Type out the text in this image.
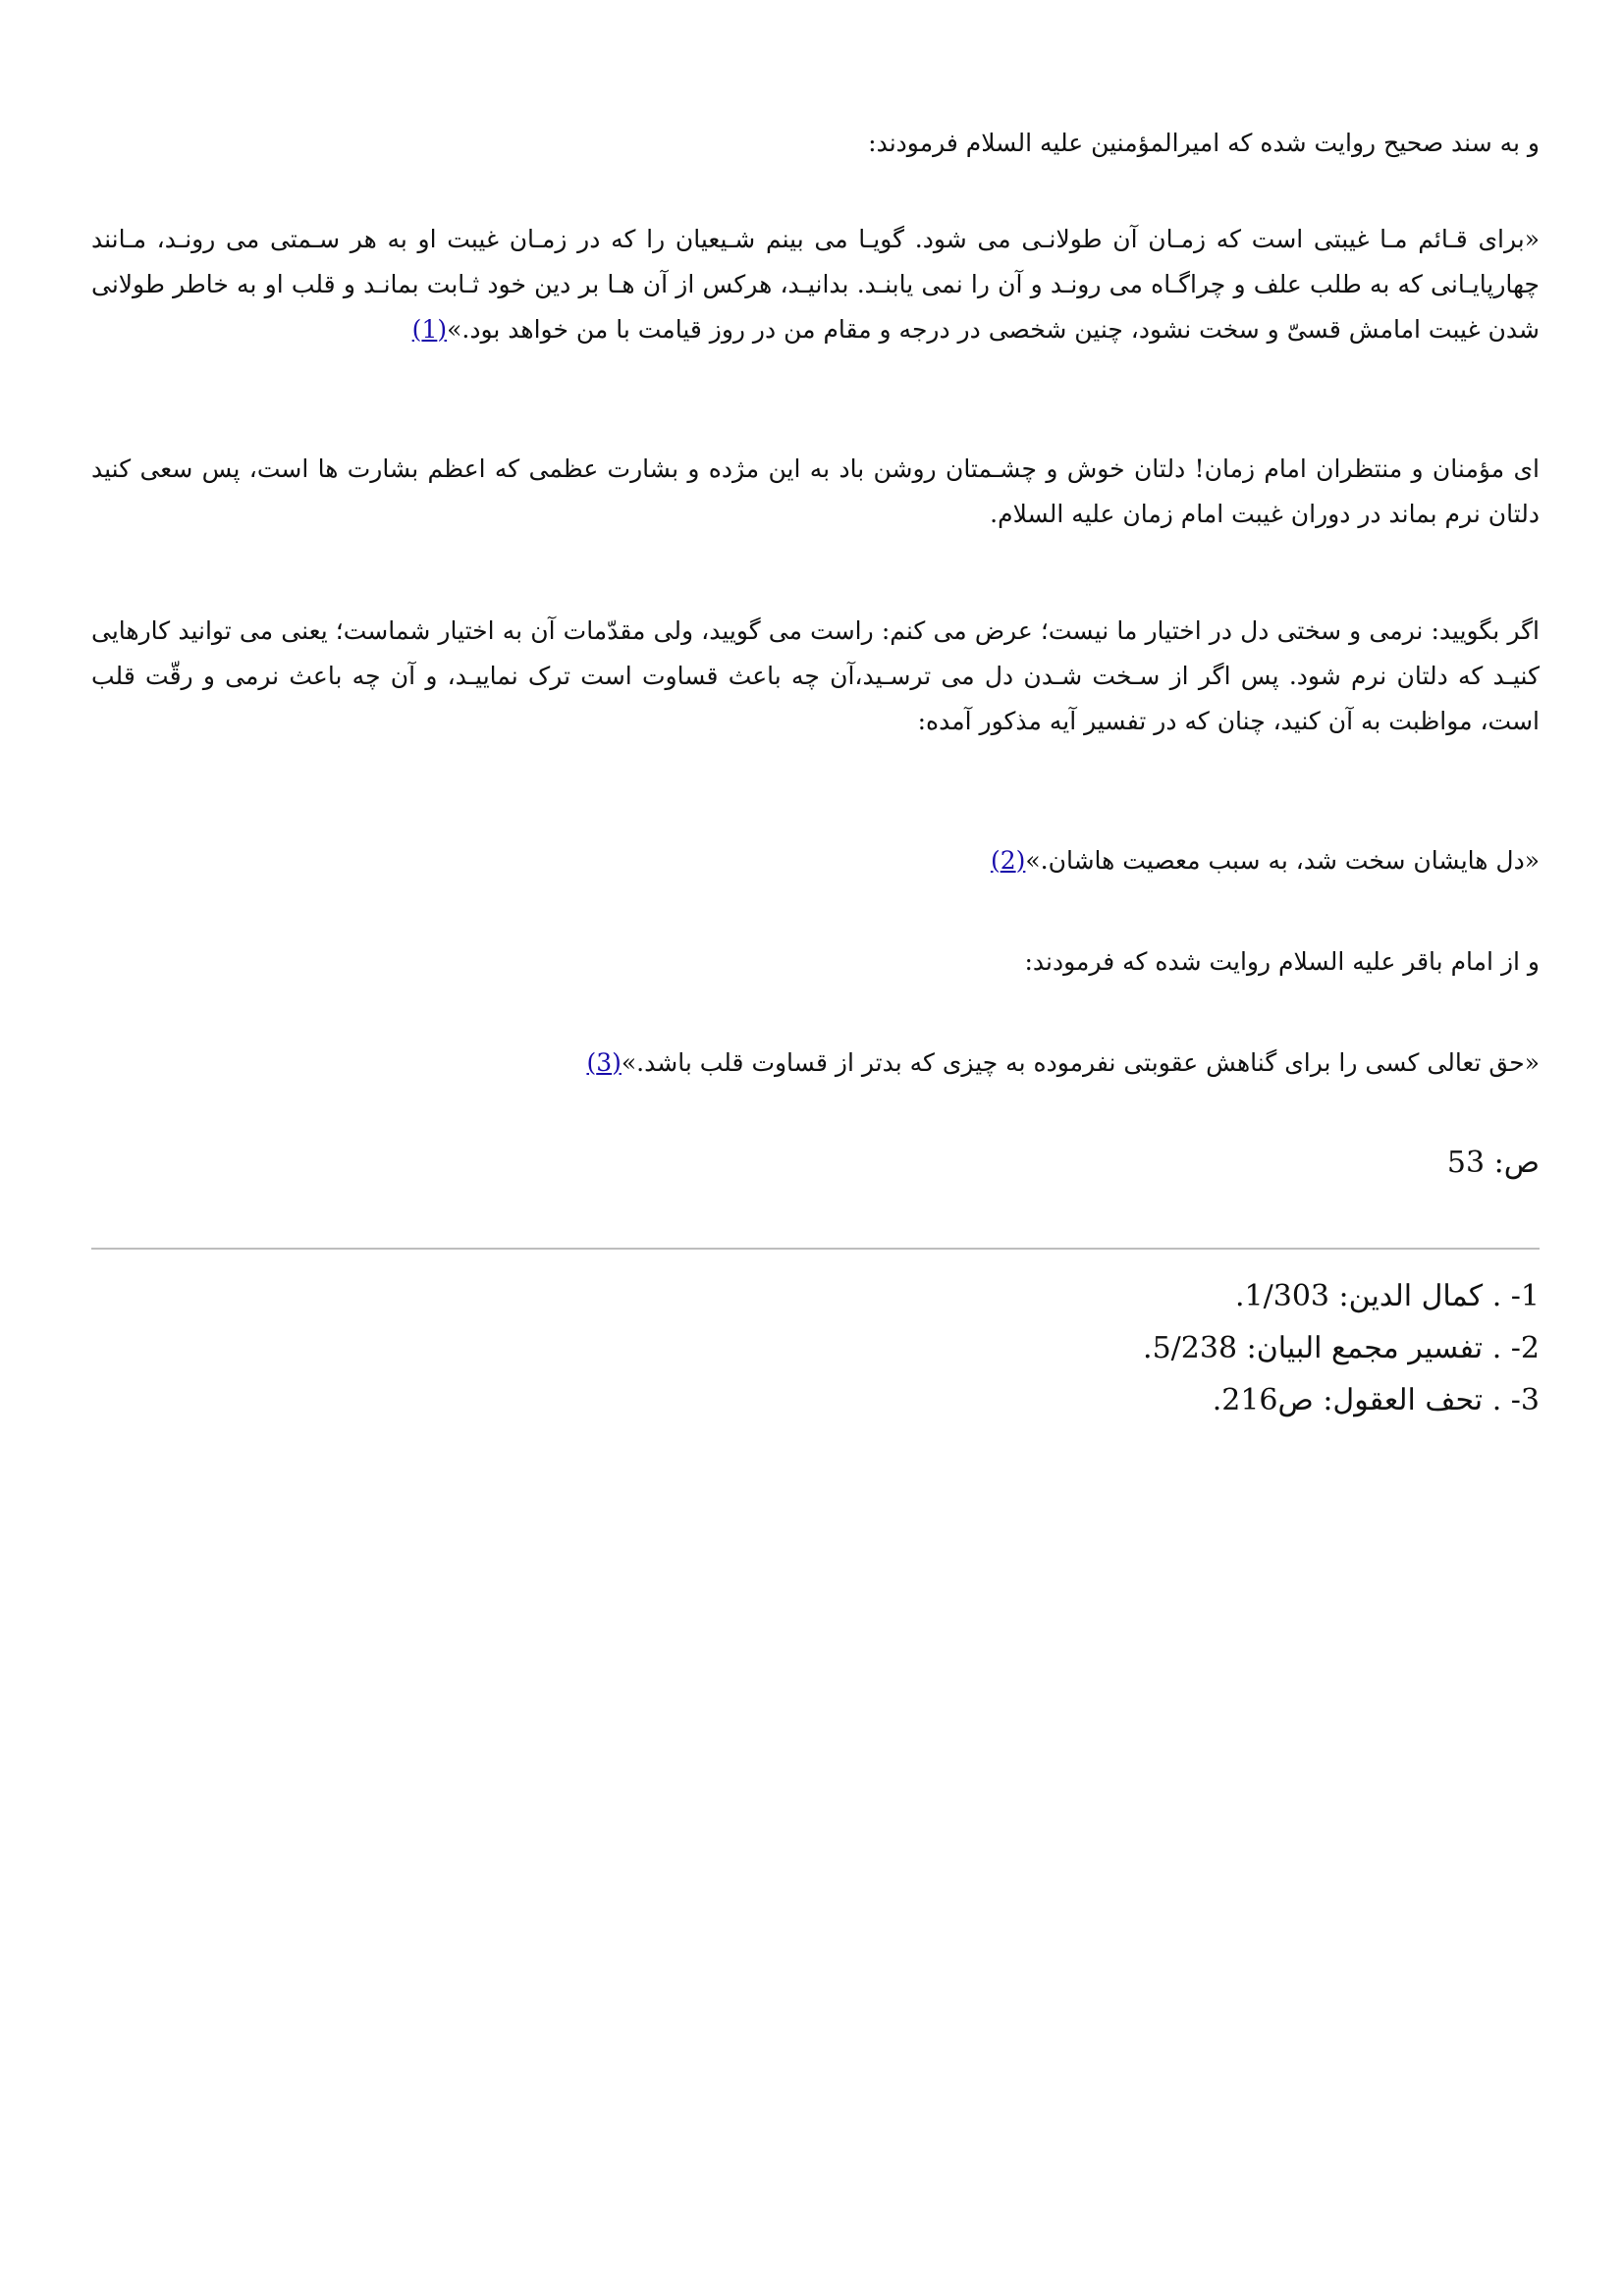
و به سند صحیح روایت شده که امیرالمؤمنین علیه السلام فرمودند:

«برای قـائم مـا غیبتی است که زمـان آن طولانـی می شود. گویـا می بینم شـیعیان را که در زمـان غیبت او به هر سـمتی می رونـد، مـانند چهارپایـانی که به طلب علف و چراگـاه می رونـد و آن را نمی یابنـد. بدانیـد، هرکس از آن هـا بر دین خود ثـابت بمانـد و قلب او به خاطر طولانی شدن غیبت امامش قسیّ و سخت نشود، چنین شخصی در درجه و مقام من در روز قیامت با من خواهد بود.»(1)

ای مؤمنان و منتظران امام زمان! دلتان خوش و چشـمتان روشن باد به این مژده و بشارت عظمی که اعظم بشارت ها است، پس سعی کنید دلتان نرم بماند در دوران غیبت امام زمان علیه السلام.

اگر بگویید: نرمی و سختی دل در اختیار ما نیست؛ عرض می کنم: راست می گویید، ولی مقدّمات آن به اختیار شماست؛ یعنی می توانید کارهایی کنیـد که دلتان نرم شود. پس اگر از سـخت شـدن دل می ترسـید،آن چه باعث قساوت است ترک نماییـد، و آن چه باعث نرمی و رقّت قلب است، مواظبت به آن کنید، چنان که در تفسیر آیه مذکور آمده:

«دل هایشان سخت شد، به سبب معصیت هاشان.»(2)

و از امام باقر علیه السلام روایت شده که فرمودند:

«حق تعالی کسی را برای گناهش عقوبتی نفرموده به چیزی که بدتر از قساوت قلب باشد.»(3)

ص: 53

1- . کمال الدین: 1/303.
2- . تفسیر مجمع البیان: 5/238.
3- . تحف العقول: ص216.
